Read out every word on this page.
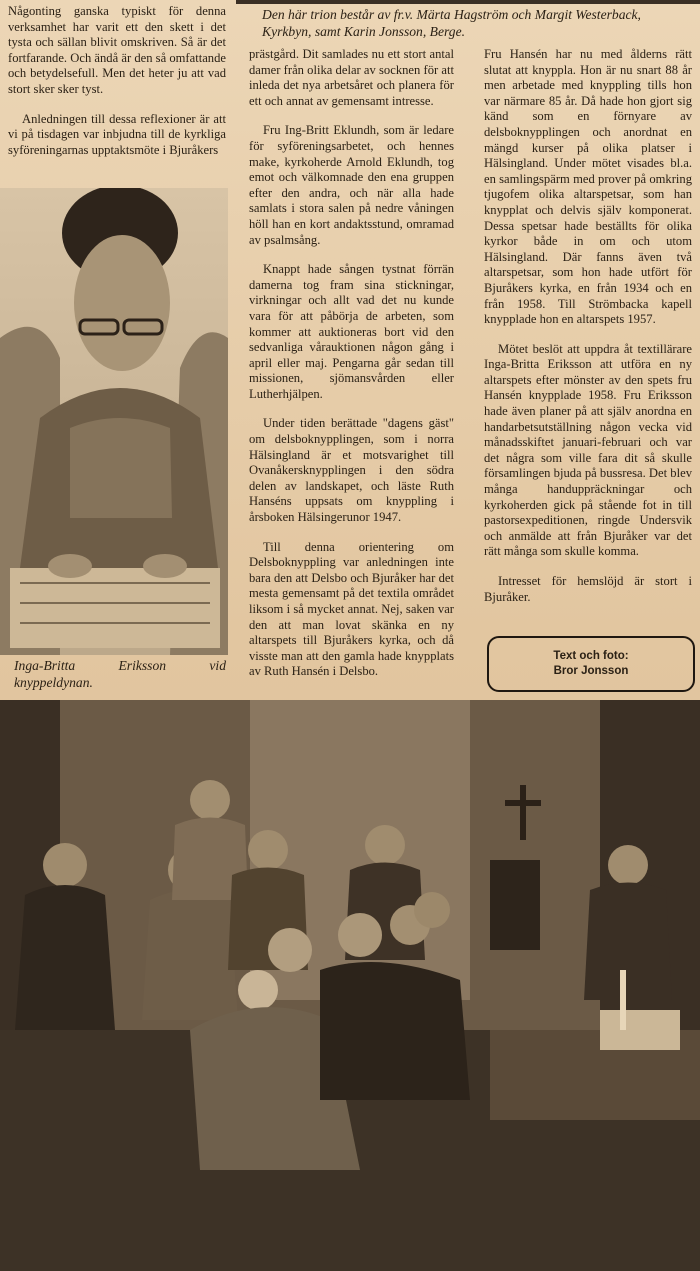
Den här trion består av fr.v. Märta Hagström och Margit Westerback, Kyrkbyn, samt Karin Jonsson, Berge.

Någonting ganska typiskt för denna verksamhet har varit ett den skett i det tysta och sällan blivit omskriven. Så är det fortfarande. Och ändå är den så omfattande och betydelsefull. Men det heter ju att vad stort sker sker tyst.

Anledningen till dessa reflexioner är att vi på tisdagen var inbjudna till de kyrkliga syföreningarnas upptaktsmöte i Bjuråkers

Inga-Britta Eriksson vid knyppeldynan.

prästgård. Dit samlades nu ett stort antal damer från olika delar av socknen för att inleda det nya arbetsåret och planera för ett och annat av gemensamt intresse.

Fru Ing-Britt Eklundh, som är ledare för syföreningsarbetet, och hennes make, kyrkoherde Arnold Eklundh, tog emot och välkomnade den ena gruppen efter den andra, och när alla hade samlats i stora salen på nedre våningen höll han en kort andaktsstund, omramad av psalmsång.

Knappt hade sången tystnat förrän damerna tog fram sina stickningar, virkningar och allt vad det nu kunde vara för att påbörja de arbeten, som kommer att auktioneras bort vid den sedvanliga vårauktionen någon gång i april eller maj. Pengarna går sedan till missionen, sjömansvården eller Lutherhjälpen.

Under tiden berättade "dagens gäst" om delsboknypplingen, som i norra Hälsingland är et motsvarighet till Ovanåkersknypplingen i den södra delen av landskapet, och läste Ruth Hanséns uppsats om knyppling i årsboken Hälsingerunor 1947.

Till denna orientering om Delsboknyppling var anledningen inte bara den att Delsbo och Bjuråker har det mesta gemensamt på det textila området liksom i så mycket annat. Nej, saken var den att man lovat skänka en ny altarspets till Bjuråkers kyrka, och då visste man att den gamla hade knypplats av Ruth Hansén i Delsbo.

Fru Hansén har nu med ålderns rätt slutat att knyppla. Hon är nu snart 88 år men arbetade med knyppling tills hon var närmare 85 år. Då hade hon gjort sig känd som en förnyare av delsboknypplingen och anordnat en mängd kurser på olika platser i Hälsingland. Under mötet visades bl.a. en samlingspärm med prover på omkring tjugofem olika altarspetsar, som han knypplat och delvis själv komponerat. Dessa spetsar hade beställts för olika kyrkor både in om och utom Hälsingland. Där fanns även två altarspetsar, som hon hade utfört för Bjuråkers kyrka, en från 1934 och en från 1958. Till Strömbacka kapell knypplade hon en altarspets 1957.

Mötet beslöt att uppdra åt textillärare Inga-Britta Eriksson att utföra en ny altarspets efter mönster av den spets fru Hansén knypplade 1958. Fru Eriksson hade även planer på att själv anordna en handarbetsutställning någon vecka vid månadsskiftet januari-februari och var det några som ville fara dit så skulle församlingen bjuda på bussresa. Det blev många handuppräckningar och kyrkoherden gick på stående fot in till pastorsexpeditionen, ringde Undersvik och anmälde att från Bjuråker var det rätt många som skulle komma.

Intresset för hemslöjd är stort i Bjuråker.

Text och foto:
Bror Jonsson
